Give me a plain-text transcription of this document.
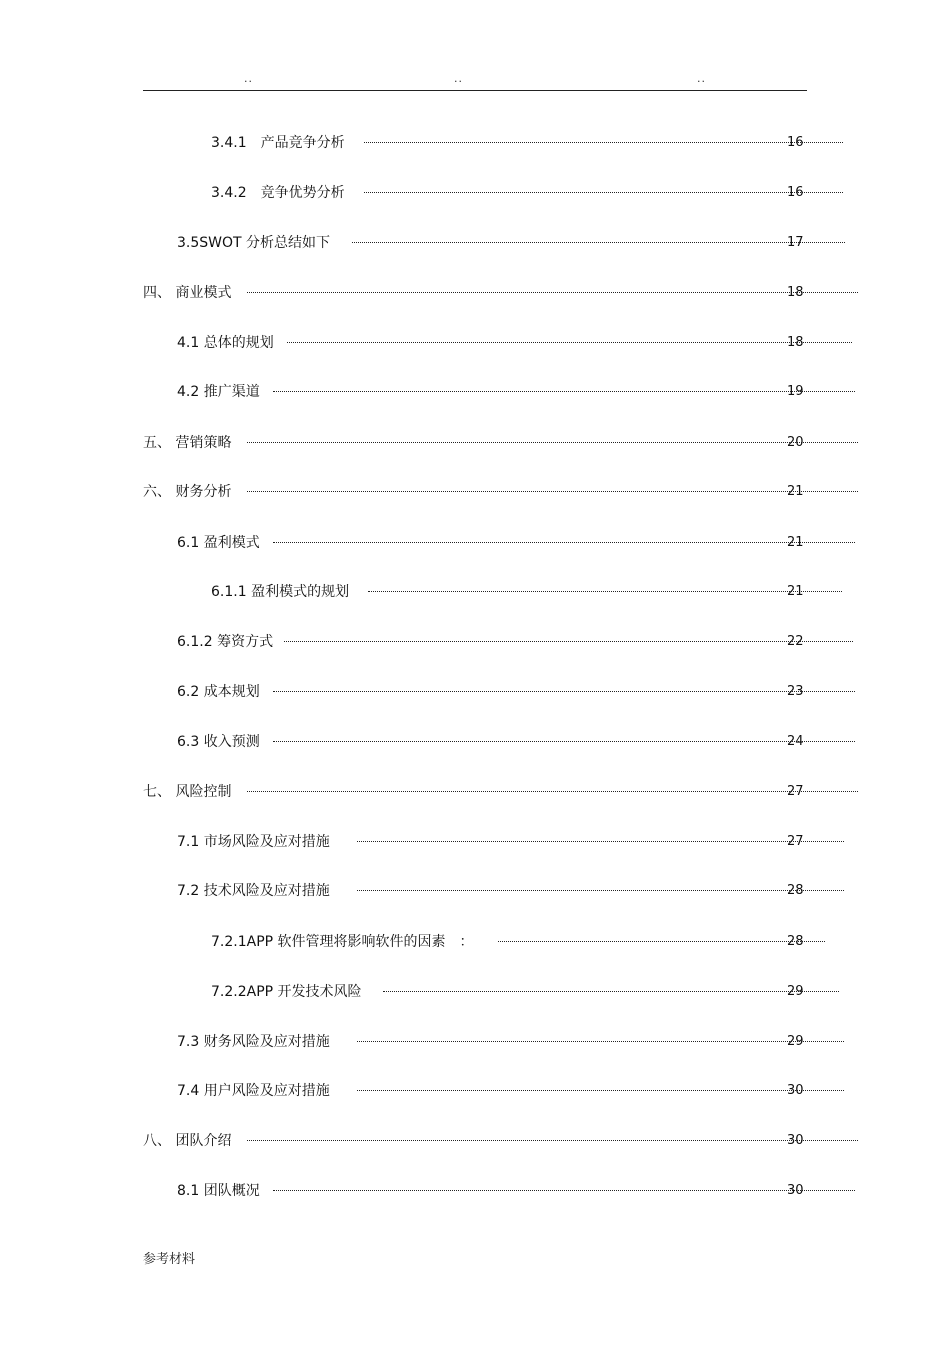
..	..	..
3.4.1　产品竞争分析	16
3.4.2　竞争优势分析	16
3.5SWOT 分析总结如下	17
四、 商业模式	18
4.1 总体的规划	18
4.2 推广渠道	19
五、 营销策略	20
六、 财务分析	21
6.1 盈利模式	21
6.1.1 盈利模式的规划	21
6.1.2 筹资方式	22
6.2 成本规划	23
6.3 收入预测	24
七、 风险控制	27
7.1 市场风险及应对措施	27
7.2 技术风险及应对措施	28
7.2.1APP 软件管理将影响软件的因素　：	28
7.2.2APP 开发技术风险	29
7.3 财务风险及应对措施	29
7.4 用户风险及应对措施	30
八、 团队介绍	30
8.1 团队概况	30
参考材料
